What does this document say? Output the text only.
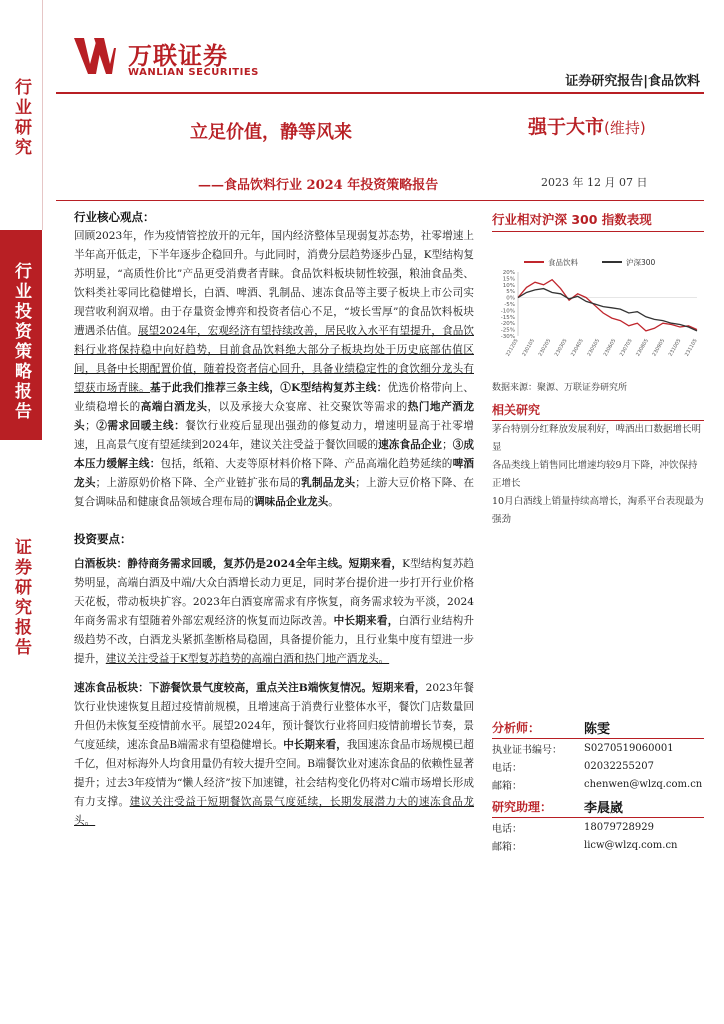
行业研究
行业投资策略报告
证券研究报告
万联证券
WANLIAN SECURITIES
证券研究报告|食品饮料
立足价值，静等风来
——食品饮料行业 2024 年投资策略报告
强于大市(维持)
2023 年 12 月 07 日

行业核心观点：

回顾2023年，作为疫情管控放开的元年，国内经济整体呈现弱复苏态势，社零增速上半年高开低走，下半年逐步企稳回升。与此同时，消费分层趋势逐步凸显，K型结构复苏明显，“高质性价比”产品更受消费者青睐。食品饮料板块韧性较强，粮油食品类、饮料类社零同比稳健增长，白酒、啤酒、乳制品、速冻食品等主要子板块上市公司实现营收利润双增。由于存量资金博弈和投资者信心不足，“坡长雪厚”的食品饮料板块遭遇杀估值。展望2024年，宏观经济有望持续改善，居民收入水平有望提升，食品饮料行业将保持稳中向好趋势，目前食品饮料绝大部分子板块均处于历史底部估值区间，具备中长期配置价值，随着投资者信心回升，具备业绩稳定性的食饮细分龙头有望获市场青睐。基于此我们推荐三条主线，①K型结构复苏主线：优选价格带向上、业绩稳增长的高端白酒龙头，以及承接大众宴席、社交聚饮等需求的热门地产酒龙头；②需求回暖主线：餐饮行业疫后显现出强劲的修复动力，增速明显高于社零增速，且高景气度有望延续到2024年，建议关注受益于餐饮回暖的速冻食品企业；③成本压力缓解主线：包括，纸箱、大麦等原材料价格下降、产品高端化趋势延续的啤酒龙头；上游原奶价格下降、全产业链扩张布局的乳制品龙头；上游大豆价格下降、在复合调味品和健康食品领域合理布局的调味品企业龙头。

投资要点：

白酒板块：静待商务需求回暖，复苏仍是2024全年主线。短期来看，K型结构复苏趋势明显，高端白酒及中端/大众白酒增长动力更足，同时茅台提价进一步打开行业价格天花板，带动板块扩容。2023年白酒宴席需求有序恢复，商务需求较为平淡，2024年商务需求有望随着外部宏观经济的恢复而边际改善。中长期来看，白酒行业结构升级趋势不改，白酒龙头紧抓垄断格局稳固，具备提价能力，且行业集中度有望进一步提升，建议关注受益于K型复苏趋势的高端白酒和热门地产酒龙头。

速冻食品板块：下游餐饮景气度较高，重点关注B端恢复情况。短期来看，2023年餐饮行业快速恢复且超过疫情前规模，且增速高于消费行业整体水平，餐饮门店数量回升但仍未恢复至疫情前水平。展望2024年，预计餐饮行业将回归疫情前增长节奏，景气度延续，速冻食品B端需求有望稳健增长。中长期来看，我国速冻食品市场规模已超千亿，但对标海外人均食用量仍有较大提升空间。B端餐饮业对速冻食品的依赖性显著提升；过去3年疫情为“懒人经济”按下加速键，社会结构变化仍将对C端市场增长形成有力支撑。建议关注受益于短期餐饮高景气度延续，长期发展潜力大的速冻食品龙头。

行业相对沪深 300 指数表现
食品饮料	沪深300
20%
15%
10%
5%
0%
-5%
-10%
-15%
-20%
-25%
-30%
221205 230105 230205 230305 230405 230505 230605 230705 230805 230905 231005 231105
数据来源：聚源、万联证券研究所
相关研究
茅台特别分红释放发展利好，啤酒出口数据增长明显
各品类线上销售同比增速均较9月下降，冲饮保持正增长
10月白酒线上销量持续高增长，淘系平台表现最为强劲
分析师：	陈雯
执业证书编号： S0270519060001
电话：	02032255207
邮箱：	chenwen@wlzq.com.cn
研究助理： 李晨崴
电话：	18079728929
邮箱：	licw@wlzq.com.cn
